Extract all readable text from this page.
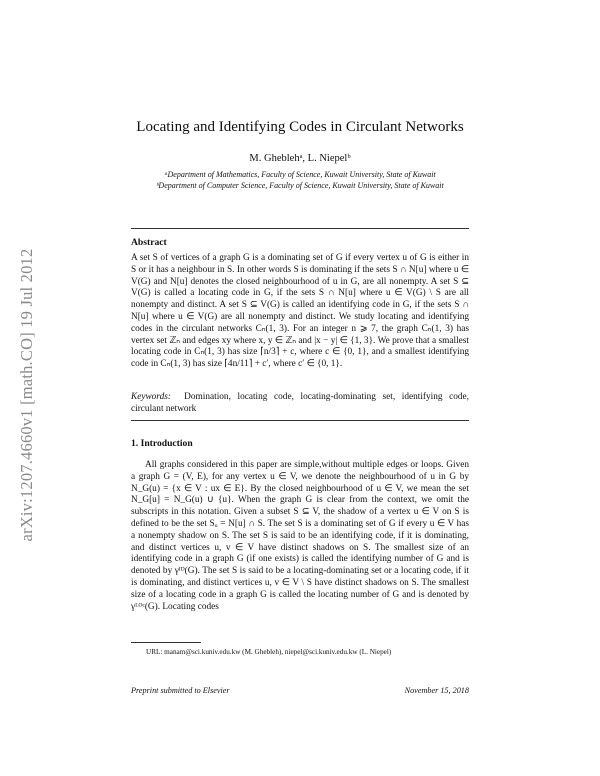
arXiv:1207.4660v1 [math.CO] 19 Jul 2012
Locating and Identifying Codes in Circulant Networks
M. Gheblehᵃ, L. Niepelᵇ
ᵃDepartment of Mathematics, Faculty of Science, Kuwait University, State of Kuwait
ᵇDepartment of Computer Science, Faculty of Science, Kuwait University, State of Kuwait
Abstract

A set S of vertices of a graph G is a dominating set of G if every vertex u of G is either in S or it has a neighbour in S. In other words S is dominating if the sets S ∩ N[u] where u ∈ V(G) and N[u] denotes the closed neighbourhood of u in G, are all nonempty. A set S ⊆ V(G) is called a locating code in G, if the sets S ∩ N[u] where u ∈ V(G) \ S are all nonempty and distinct. A set S ⊆ V(G) is called an identifying code in G, if the sets S ∩ N[u] where u ∈ V(G) are all nonempty and distinct. We study locating and identifying codes in the circulant networks Cₙ(1, 3). For an integer n ⩾ 7, the graph Cₙ(1, 3) has vertex set ℤₙ and edges xy where x, y ∈ ℤₙ and |x − y| ∈ {1, 3}. We prove that a smallest locating code in Cₙ(1, 3) has size ⌈n/3⌉ + c, where c ∈ {0, 1}, and a smallest identifying code in Cₙ(1, 3) has size ⌈4n/11⌉ + c′, where c′ ∈ {0, 1}.

Keywords: Domination, locating code, locating-dominating set, identifying code, circulant network

1. Introduction

All graphs considered in this paper are simple,without multiple edges or loops. Given a graph G = (V, E), for any vertex u ∈ V, we denote the neighbourhood of u in G by N_G(u) = {x ∈ V : ux ∈ E}. By the closed neighbourhood of u ∈ V, we mean the set N_G[u] = N_G(u) ∪ {u}. When the graph G is clear from the context, we omit the subscripts in this notation. Given a subset S ⊆ V, the shadow of a vertex u ∈ V on S is defined to be the set Sᵤ = N[u] ∩ S. The set S is a dominating set of G if every u ∈ V has a nonempty shadow on S. The set S is said to be an identifying code, if it is dominating, and distinct vertices u, v ∈ V have distinct shadows on S. The smallest size of an identifying code in a graph G (if one exists) is called the identifying number of G and is denoted by γᴵᴰ(G). The set S is said to be a locating-dominating set or a locating code, if it is dominating, and distinct vertices u, v ∈ V \ S have distinct shadows on S. The smallest size of a locating code in a graph G is called the locating number of G and is denoted by γᴸᴼᶜ(G). Locating codes

URL: manam@sci.kuniv.edu.kw (M. Ghebleh), niepel@sci.kuniv.edu.kw (L. Niepel)
Preprint submitted to Elsevier	November 15, 2018
